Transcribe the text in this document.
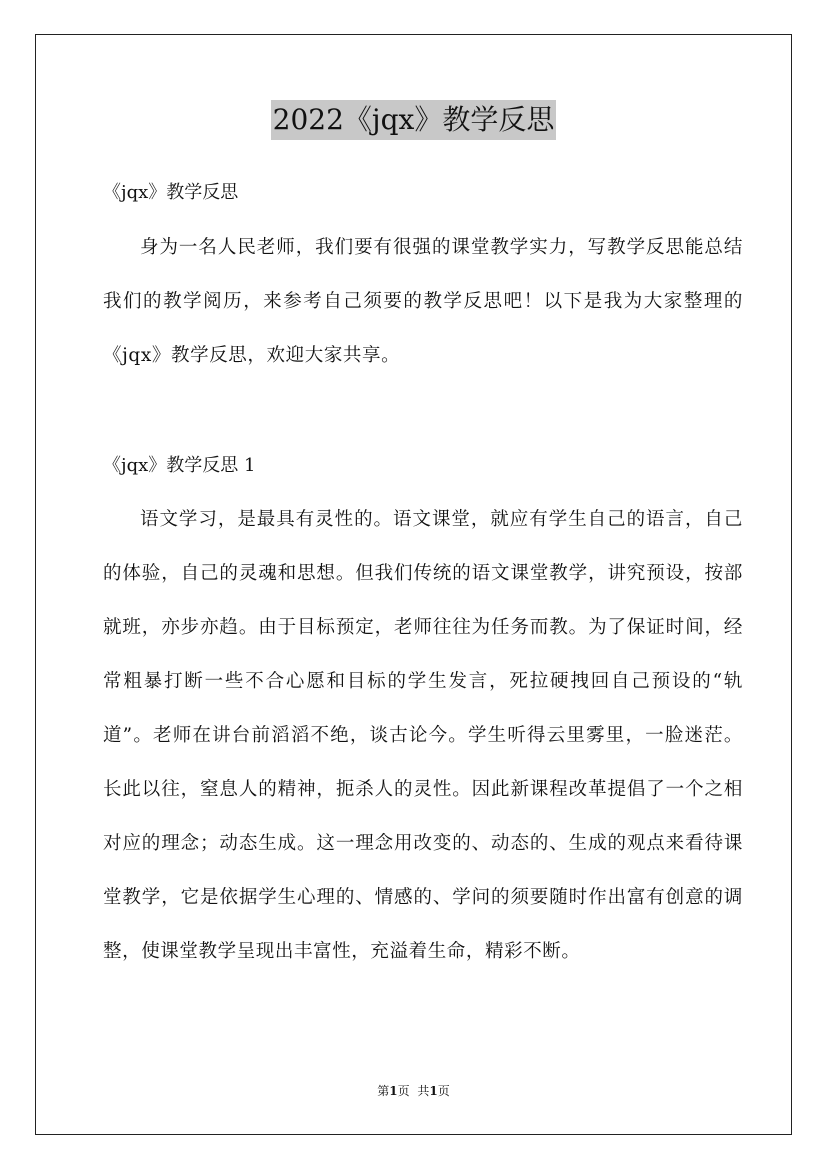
2022《jqx》教学反思
《jqx》教学反思
身为一名人民老师，我们要有很强的课堂教学实力，写教学反思能总结我们的教学阅历，来参考自己须要的教学反思吧！以下是我为大家整理的《jqx》教学反思，欢迎大家共享。
《jqx》教学反思 1
语文学习，是最具有灵性的。语文课堂，就应有学生自己的语言，自己的体验，自己的灵魂和思想。但我们传统的语文课堂教学，讲究预设，按部就班，亦步亦趋。由于目标预定，老师往往为任务而教。为了保证时间，经常粗暴打断一些不合心愿和目标的学生发言，死拉硬拽回自己预设的“轨道”。老师在讲台前滔滔不绝，谈古论今。学生听得云里雾里，一脸迷茫。长此以往，窒息人的精神，扼杀人的灵性。因此新课程改革提倡了一个之相对应的理念；动态生成。这一理念用改变的、动态的、生成的观点来看待课堂教学，它是依据学生心理的、情感的、学问的须要随时作出富有创意的调整，使课堂教学呈现出丰富性，充溢着生命，精彩不断。
第1页 共1页
